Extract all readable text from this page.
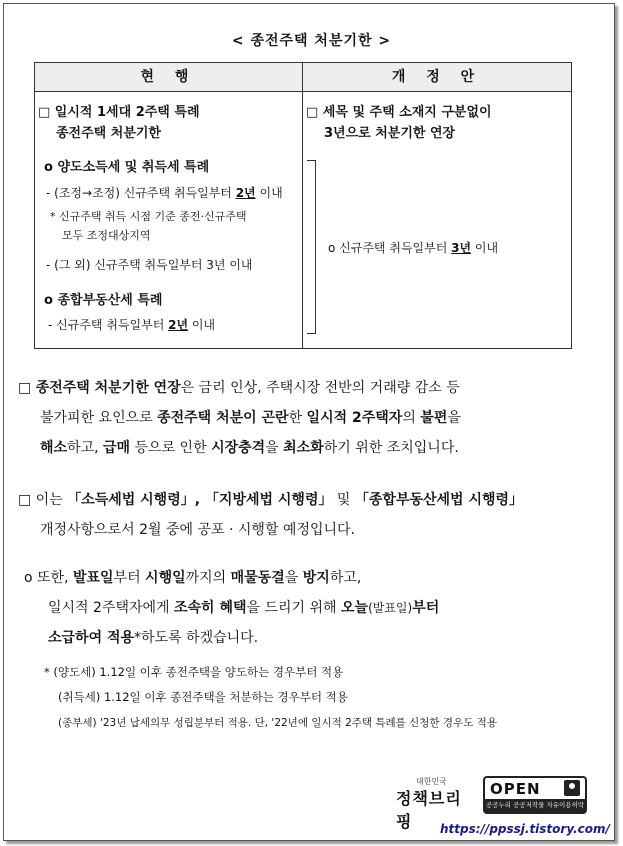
< 종전주택 처분기한 >
현 행	개 정 안
□ 일시적 1세대 2주택 특례
종전주택 처분기한
o 양도소득세 및 취득세 특례
- (조정→조정) 신규주택 취득일부터 2년 이내
* 신규주택 취득 시점 기준 종전·신규주택
모두 조정대상지역
- (그 외) 신규주택 취득일부터 3년 이내
o 종합부동산세 특례
- 신규주택 취득일부터 2년 이내
□ 세목 및 주택 소재지 구분없이
3년으로 처분기한 연장
o 신규주택 취득일부터 3년 이내
□ 종전주택 처분기한 연장은 금리 인상, 주택시장 전반의 거래량 감소 등
불가피한 요인으로 종전주택 처분이 곤란한 일시적 2주택자의 불편을
해소하고, 급매 등으로 인한 시장충격을 최소화하기 위한 조치입니다.
□ 이는 「소득세법 시행령」, 「지방세법 시행령」 및 「종합부동산세법 시행령」
개정사항으로서 2월 중에 공포 · 시행할 예정입니다.
o 또한, 발표일부터 시행일까지의 매물동결을 방지하고,
일시적 2주택자에게 조속히 혜택을 드리기 위해 오늘(발표일)부터
소급하여 적용*하도록 하겠습니다.
* (양도세) 1.12일 이후 종전주택을 양도하는 경우부터 적용
(취득세) 1.12일 이후 종전주택을 처분하는 경우부터 적용
(종부세) '23년 납세의무 성립분부터 적용. 단, '22년에 일시적 2주택 특례를 신청한 경우도 적용
대한민국
정책브리핑
OPEN
공공누리 공공저작물 자유이용허락
https://ppssj.tistory.com/
